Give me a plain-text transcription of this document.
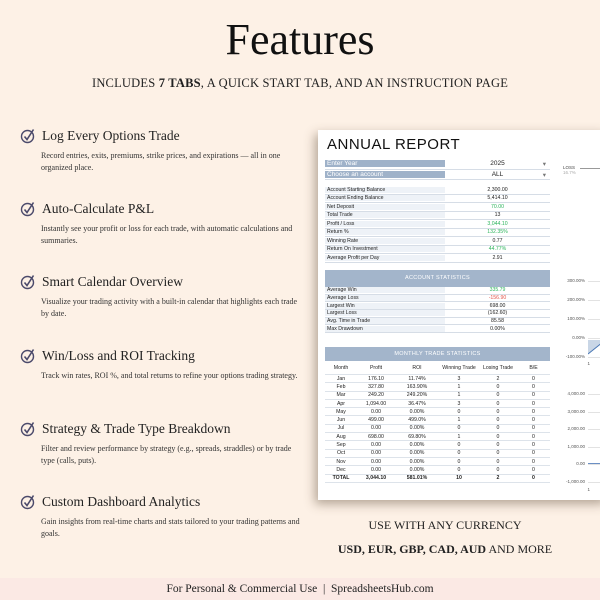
Features
INCLUDES 7 TABS, A QUICK START TAB, AND AN INSTRUCTION PAGE
Log Every Options Trade
Record entries, exits, premiums, strike prices, and expirations — all in one organized place.
Auto-Calculate P&L
Instantly see your profit or loss for each trade, with automatic calculations and summaries.
Smart Calendar Overview
Visualize your trading activity with a built-in calendar that highlights each trade by date.
Win/Loss and ROI Tracking
Track win rates, ROI %, and total returns to refine your options trading strategy.
Strategy & Trade Type Breakdown
Filter and review performance by strategy (e.g., spreads, straddles) or by trade type (calls, puts).
Custom Dashboard Analytics
Gain insights from real-time charts and stats tailored to your trading patterns and goals.
ANNUAL REPORT
Enter Year	2025	▾
Choose an account	ALL	▾
Account Starting Balance	2,300.00
Account Ending Balance	5,414.10
Net Deposit	70.00
Total Trade	13
Profit / Loss	3,044.10
Return %	132.35%
Winning Rate	0.77
Return On Investment	44.77%
Average Profit per Day	2.91
ACCOUNT STATISTICS
Average Win	335.79
Average Loss	-156.90
Largest Win	698.00
Largest Loss	(162.60)
Avg. Time in Trade	85.58
Max Drawdown	0.00%
MONTHLY TRADE STATISTICS
Month	Profit	ROI	Winning Trade	Losing Trade	B/E
Jan	176.10	11.74%	3	2	0
Feb	327.80	163.90%	1	0	0
Mar	249.20	249.20%	1	0	0
Apr	1,094.00	36.47%	3	0	0
May	0.00	0.00%	0	0	0
Jun	499.00	499.0%	1	0	0
Jul	0.00	0.00%	0	0	0
Aug	698.00	69.80%	1	0	0
Sep	0.00	0.00%	0	0	0
Oct	0.00	0.00%	0	0	0
Nov	0.00	0.00%	0	0	0
Dec	0.00	0.00%	0	0	0
TOTAL	3,044.10	581.01%	10	2	0
LOSS
16.7%
300.00%
200.00%
100.00%
0.00%
-100.00%
4,000.00
3,000.00
2,000.00
1,000.00
0.00
-1,000.00
1
1
USE WITH ANY CURRENCY
USD, EUR, GBP, CAD, AUD AND MORE
For Personal & Commercial Use | SpreadsheetsHub.com
